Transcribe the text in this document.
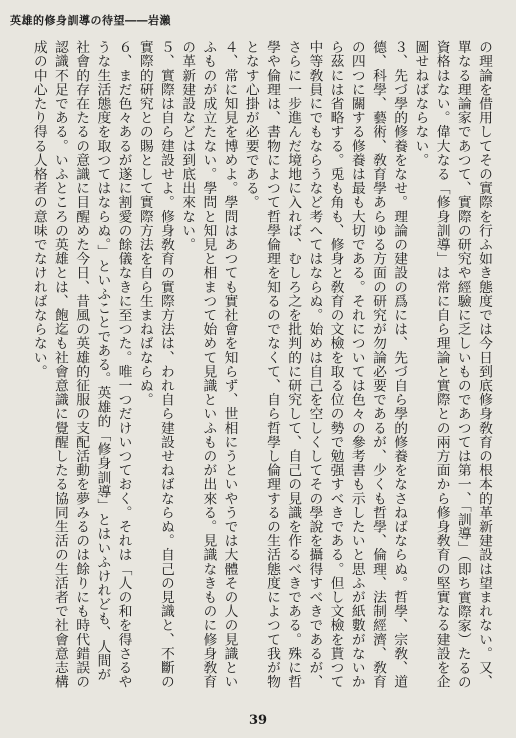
英雄的修身訓導の待望――岩瀨

の理論を借用してその實際を行ふ如き態度では今日到底修身敎育の根本的革新建設は望まれない。又、單なる理論家であつて、實際の研究や經驗に乏しいものであつては第一、「訓導」（即ち實際家）たるの資格はない。偉大なる「修身訓導」は常に自ら理論と實際との兩方面から修身敎育の堅實なる建設を企圖せねばならない。

３、先づ學的修養をなせ。理論の建設の爲には、先づ自ら學的修養をなさねばならぬ。哲學、宗敎、道德、科學、藝術、敎育學あらゆる方面の研究が勿論必要であるが、少くも哲學、倫理、法制經濟、敎育の四つに關する修養は最も大切である。それについては色々の參考書も示したいと思ふが紙數がないから茲には省略する。兎も角も、修身と敎育の文檢を取る位の勢で勉强すべきである。但し文檢を貰つて中等敎員にでもならうなど考へてはならぬ。始めは自己を空しくしてその學說を攝得すべきであるが、さらに一步進んだ境地に入れば、むしろ之を批判的に研究して、自己の見識を作るべきである。殊に哲學や倫理は、書物によつて哲學倫理を知るのでなくて、自ら哲學し倫理するの生活態度によつて我が物となす心掛が必要である。

４、常に知見を博めよ。學問はあつても實社會を知らず、世相にうといやうでは大體その人の見識といふものが成立たない。學問と知見と相まつて始めて見識といふものが出來る。見識なきものに修身敎育の革新建設などは到底出來ない。

５、實際は自ら建設せよ。修身敎育の實際方法は、われ自ら建設せねばならぬ。自己の見識と、不斷の實際的硏究との賜として實際方法を自ら生まねばならぬ。

６、まだ色々あるが遂に割愛の餘儀なきに至つた。唯一つだけいつておく。それは「人の和を得さるやうな生活態度を取つてはならぬ。」といふことである。英雄的「修身訓導」とはいふけれども、人間が社會的存在たるの意識に目醒めた今日、昔風の英雄的征服の支配活動を夢みるのは餘りにも時代錯誤の認識不足である。いふところの英雄とは、飽迄も社會意識に覺醒したる協同生活の生活者で社會意志構成の中心たり得る人格者の意味でなければならない。

39
